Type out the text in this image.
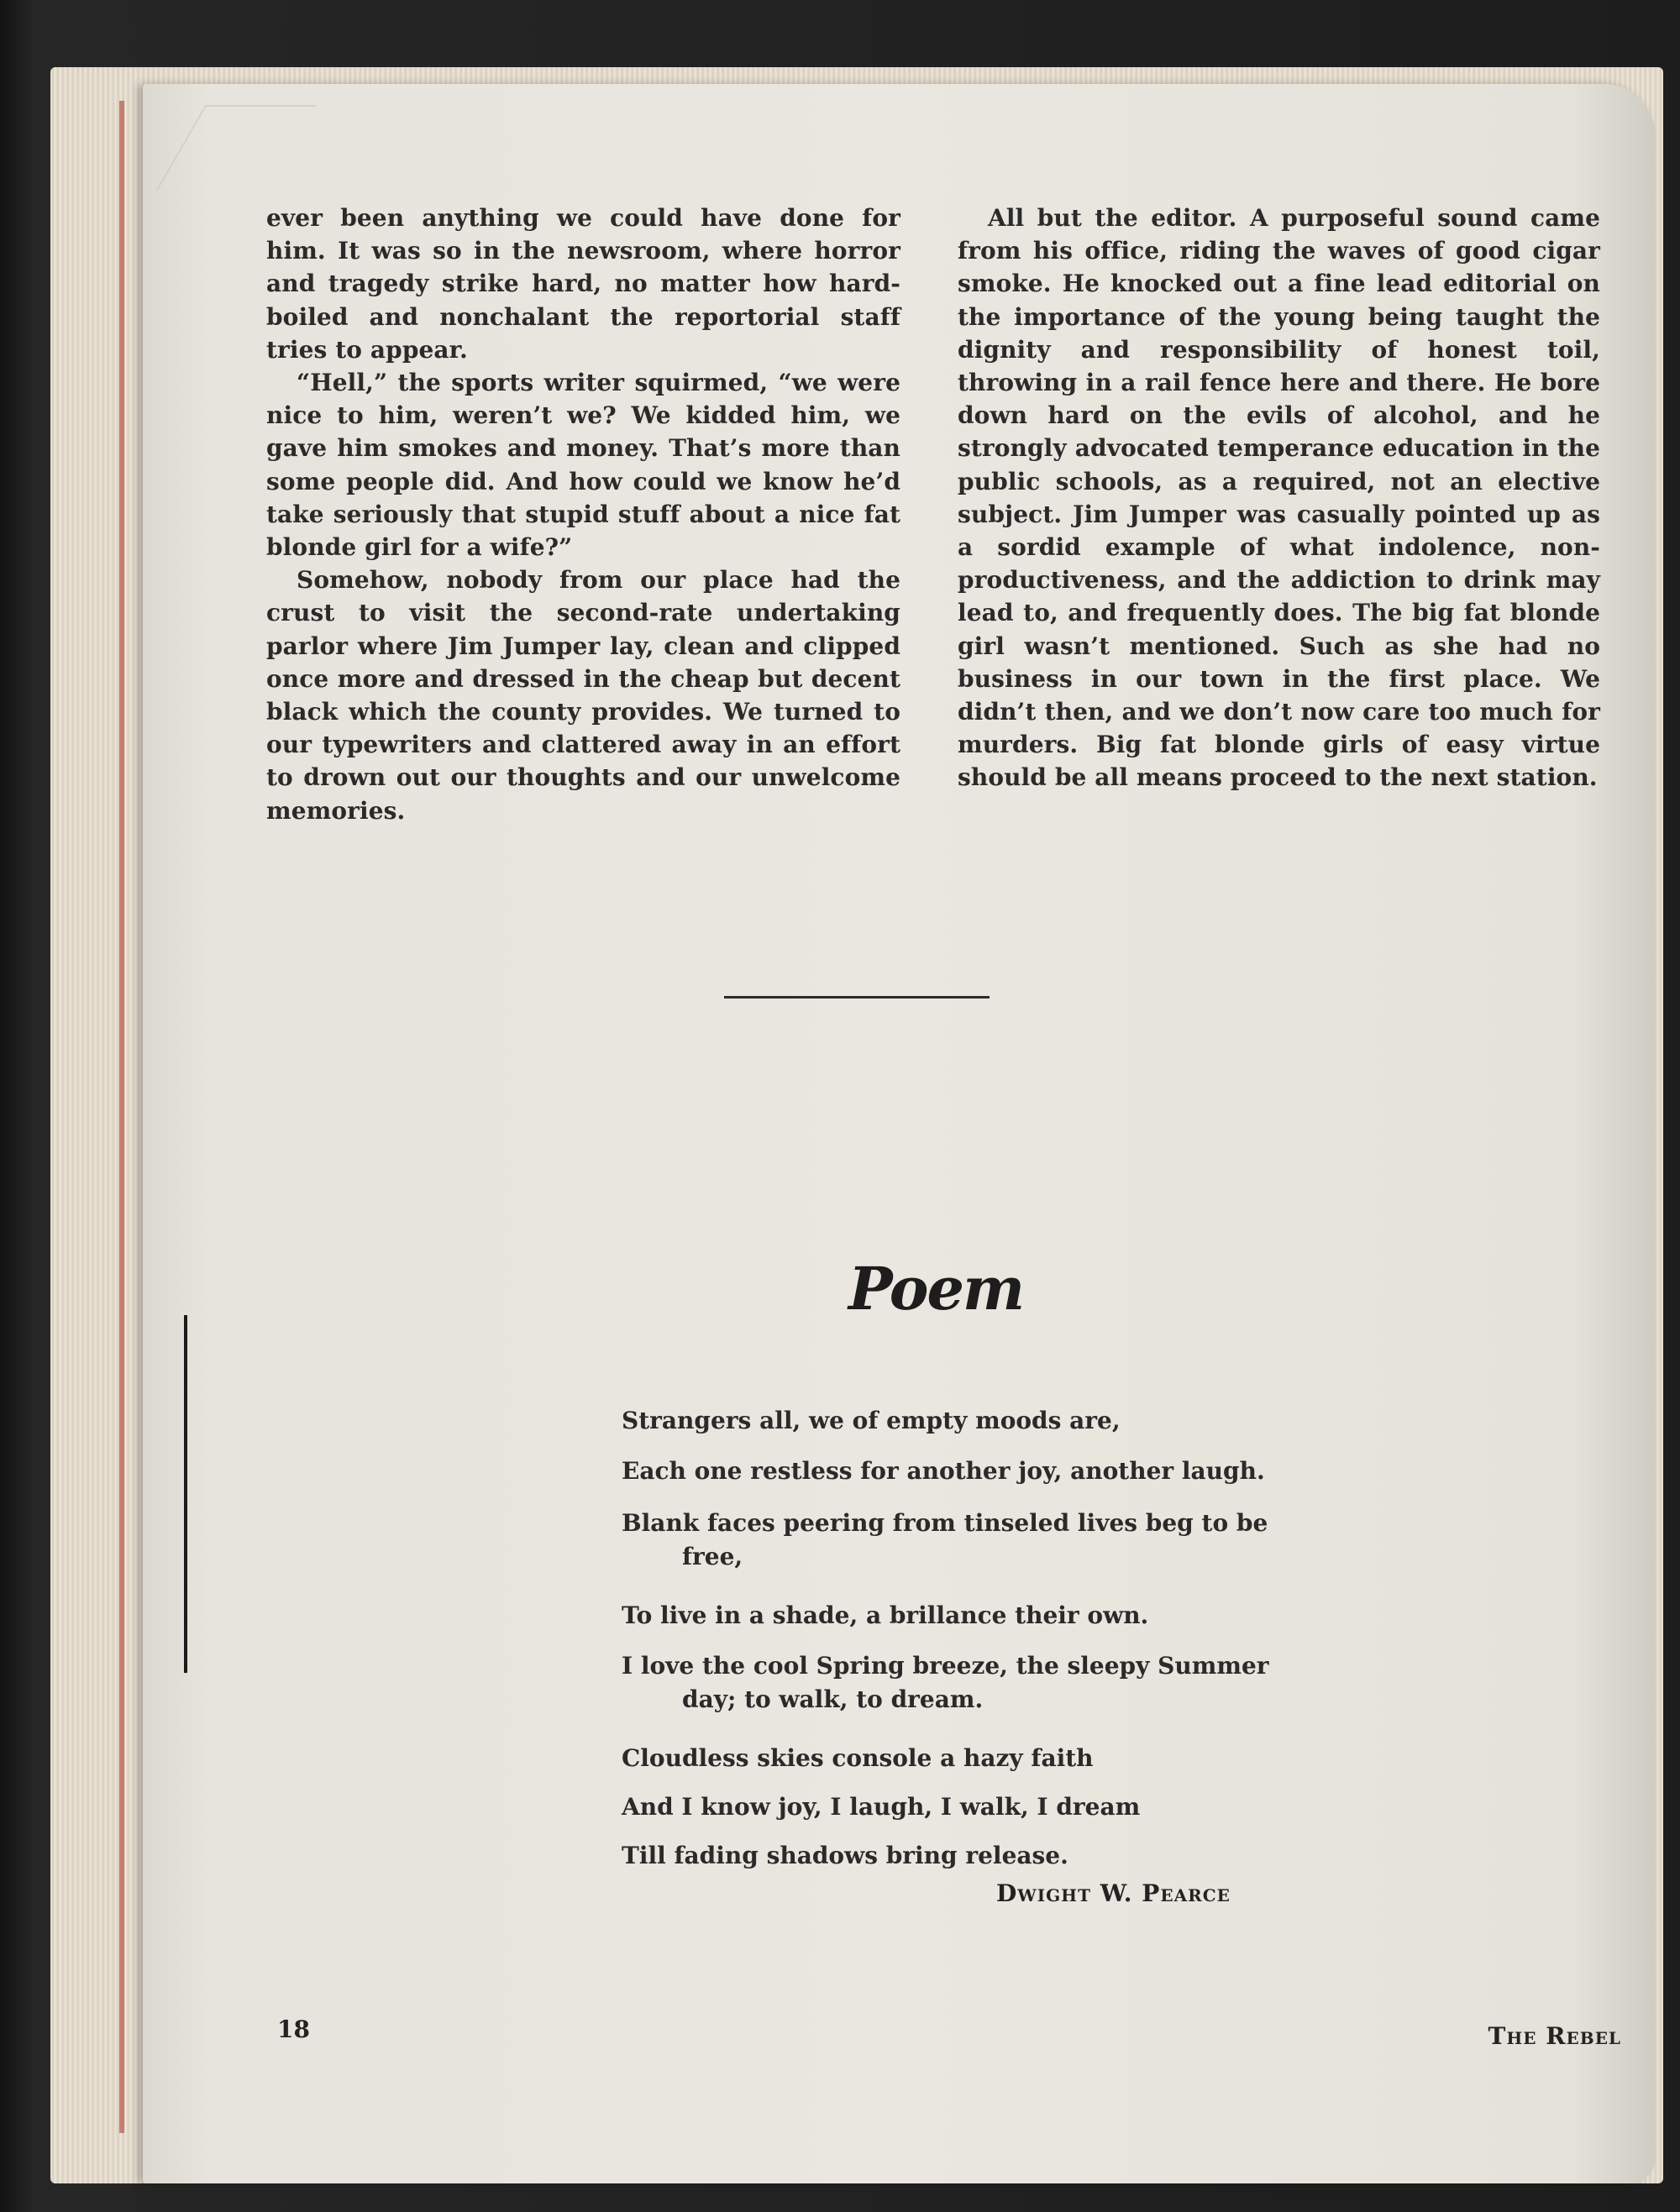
ever been anything we could have done for him. It was so in the newsroom, where horror and tragedy strike hard, no matter how hard-boiled and nonchalant the reportorial staff tries to appear.

“Hell,” the sports writer squirmed, “we were nice to him, weren’t we? We kidded him, we gave him smokes and money. That’s more than some people did. And how could we know he’d take seriously that stupid stuff about a nice fat blonde girl for a wife?”

Somehow, nobody from our place had the crust to visit the second-rate undertaking parlor where Jim Jumper lay, clean and clipped once more and dressed in the cheap but decent black which the county provides. We turned to our typewriters and clattered away in an effort to drown out our thoughts and our unwelcome memories.

All but the editor. A purposeful sound came from his office, riding the waves of good cigar smoke. He knocked out a fine lead editorial on the importance of the young being taught the dignity and responsibility of honest toil, throwing in a rail fence here and there. He bore down hard on the evils of alcohol, and he strongly advocated temperance education in the public schools, as a required, not an elective subject. Jim Jumper was casually pointed up as a sordid example of what indolence, non-productiveness, and the addiction to drink may lead to, and frequently does. The big fat blonde girl wasn’t mentioned. Such as she had no business in our town in the first place. We didn’t then, and we don’t now care too much for murders. Big fat blonde girls of easy virtue should be all means proceed to the next station.

Poem
Strangers all, we of empty moods are,
Each one restless for another joy, another laugh.
Blank faces peering from tinseled lives beg to be
free,
To live in a shade, a brillance their own.
I love the cool Spring breeze, the sleepy Summer
day; to walk, to dream.
Cloudless skies console a hazy faith
And I know joy, I laugh, I walk, I dream
Till fading shadows bring release.
Dwight W. Pearce
18	The Rebel
